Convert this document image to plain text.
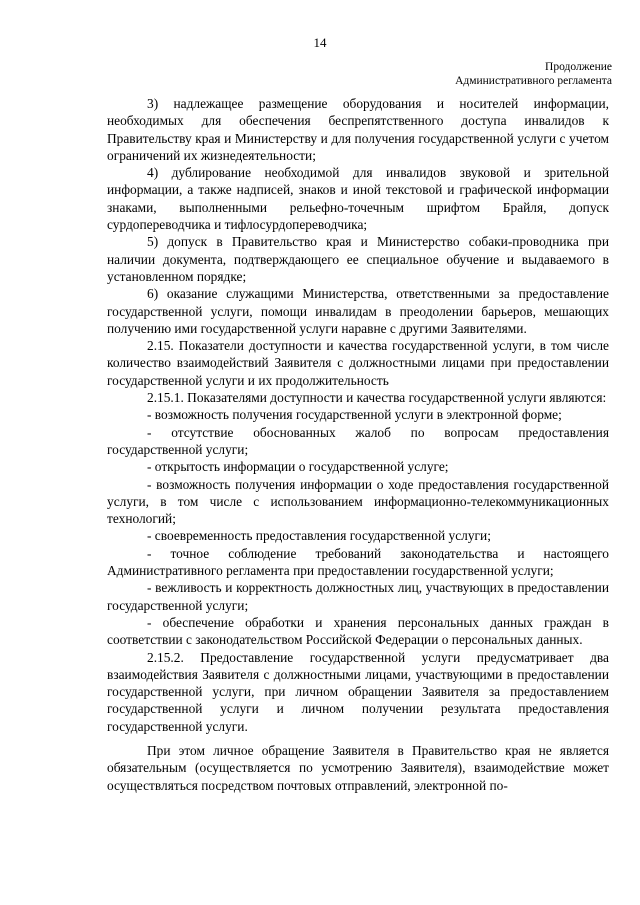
14
Продолжение
Административного регламента

3) надлежащее размещение оборудования и носителей информации, необходимых для обеспечения беспрепятственного доступа инвалидов к Правительству края и Министерству и для получения государственной услуги с учетом ограничений их жизнедеятельности;

4) дублирование необходимой для инвалидов звуковой и зрительной информации, а также надписей, знаков и иной текстовой и графической информации знаками, выполненными рельефно-точечным шрифтом Брайля, допуск сурдопереводчика и тифлосурдопереводчика;

5) допуск в Правительство края и Министерство собаки-проводника при наличии документа, подтверждающего ее специальное обучение и выдаваемого в установленном порядке;

6) оказание служащими Министерства, ответственными за предоставление государственной услуги, помощи инвалидам в преодолении барьеров, мешающих получению ими государственной услуги наравне с другими Заявителями.

2.15. Показатели доступности и качества государственной услуги, в том числе количество взаимодействий Заявителя с должностными лицами при предоставлении государственной услуги и их продолжительность

2.15.1. Показателями доступности и качества государственной услуги являются:

- возможность получения государственной услуги в электронной форме;

- отсутствие обоснованных жалоб по вопросам предоставления государственной услуги;

- открытость информации о государственной услуге;

- возможность получения информации о ходе предоставления государственной услуги, в том числе с использованием информационно-телекоммуникационных технологий;

- своевременность предоставления государственной услуги;

- точное соблюдение требований законодательства и настоящего Административного регламента при предоставлении государственной услуги;

- вежливость и корректность должностных лиц, участвующих в предоставлении государственной услуги;

- обеспечение обработки и хранения персональных данных граждан в соответствии с законодательством Российской Федерации о персональных данных.

2.15.2. Предоставление государственной услуги предусматривает два взаимодействия Заявителя с должностными лицами, участвующими в предоставлении государственной услуги, при личном обращении Заявителя за предоставлением государственной услуги и личном получении результата предоставления государственной услуги.

При этом личное обращение Заявителя в Правительство края не является обязательным (осуществляется по усмотрению Заявителя), взаимодействие может осуществляться посредством почтовых отправлений, электронной по-
